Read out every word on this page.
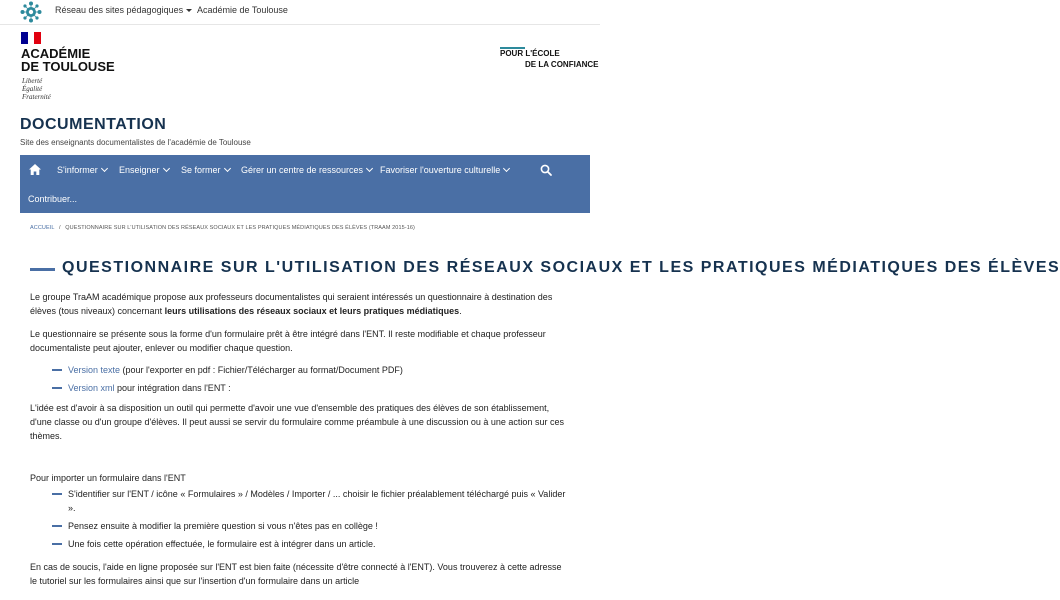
Réseau des sites pédagogiques	Académie de Toulouse
ACADÉMIE
DE TOULOUSE
Liberté
Égalité
Fraternité
POUR L'ÉCOLE
DE LA CONFIANCE
DOCUMENTATION
Site des enseignants documentalistes de l'académie de Toulouse
S'informer	Enseigner	Se former	Gérer un centre de ressources	Favoriser l'ouverture culturelle
Contribuer...
ACCUEIL / QUESTIONNAIRE SUR L'UTILISATION DES RÉSEAUX SOCIAUX ET LES PRATIQUES MÉDIATIQUES DES ÉLÈVES (TRAAM 2015-16)
QUESTIONNAIRE SUR L'UTILISATION DES RÉSEAUX SOCIAUX ET LES PRATIQUES MÉDIATIQUES DES ÉLÈVES

Le groupe TraAM académique propose aux professeurs documentalistes qui seraient intéressés un questionnaire à destination des élèves (tous niveaux) concernant leurs utilisations des réseaux sociaux et leurs pratiques médiatiques.

Le questionnaire se présente sous la forme d'un formulaire prêt à être intégré dans l'ENT. Il reste modifiable et chaque professeur documentaliste peut ajouter, enlever ou modifier chaque question.

Version texte (pour l'exporter en pdf : Fichier/Télécharger au format/Document PDF)
Version xml pour intégration dans l'ENT :

L'idée est d'avoir à sa disposition un outil qui permette d'avoir une vue d'ensemble des pratiques des élèves de son établissement, d'une classe ou d'un groupe d'élèves. Il peut aussi se servir du formulaire comme préambule à une discussion ou à une action sur ces thèmes.

Pour importer un formulaire dans l'ENT

S'identifier sur l'ENT / icône « Formulaires » / Modèles / Importer / ... choisir le fichier préalablement téléchargé puis « Valider ».
Pensez ensuite à modifier la première question si vous n'êtes pas en collège !
Une fois cette opération effectuée, le formulaire est à intégrer dans un article.

En cas de soucis, l'aide en ligne proposée sur l'ENT est bien faite (nécessite d'être connecté à l'ENT). Vous trouverez à cette adresse le tutoriel sur les formulaires ainsi que sur l'insertion d'un formulaire dans un article
